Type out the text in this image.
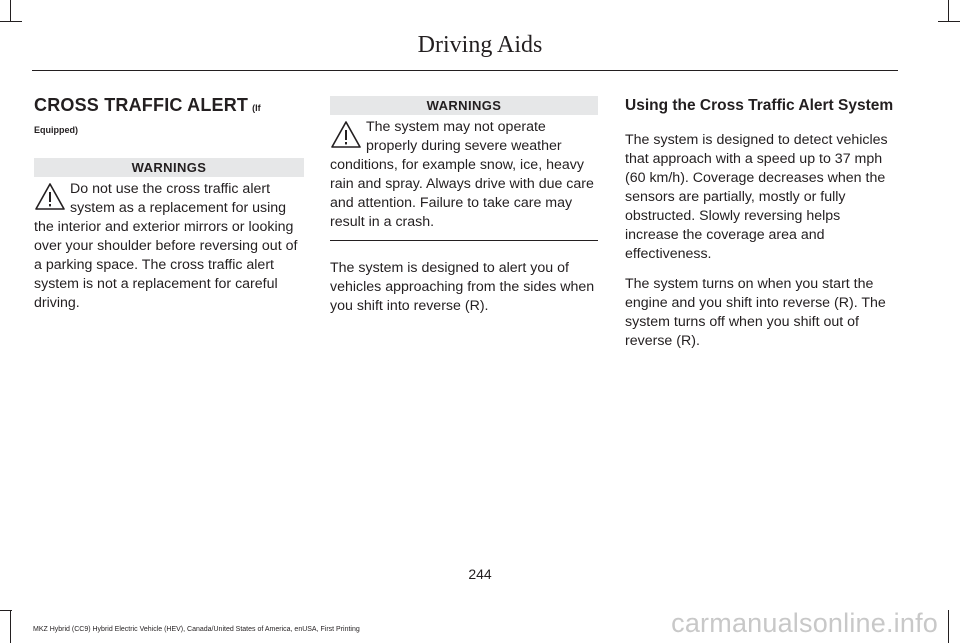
Driving Aids
CROSS TRAFFIC ALERT (If Equipped)
WARNINGS

Do not use the cross traffic alert system as a replacement for using the interior and exterior mirrors or looking over your shoulder before reversing out of a parking space. The cross traffic alert system is not a replacement for careful driving.

WARNINGS

The system may not operate properly during severe weather conditions, for example snow, ice, heavy rain and spray. Always drive with due care and attention. Failure to take care may result in a crash.

The system is designed to alert you of vehicles approaching from the sides when you shift into reverse (R).

Using the Cross Traffic Alert System

The system is designed to detect vehicles that approach with a speed up to 37 mph (60 km/h). Coverage decreases when the sensors are partially, mostly or fully obstructed. Slowly reversing helps increase the coverage area and effectiveness.

The system turns on when you start the engine and you shift into reverse (R). The system turns off when you shift out of reverse (R).

244
MKZ Hybrid (CC9) Hybrid Electric Vehicle (HEV), Canada/United States of America, enUSA, First Printing	carmanualsonline.info
